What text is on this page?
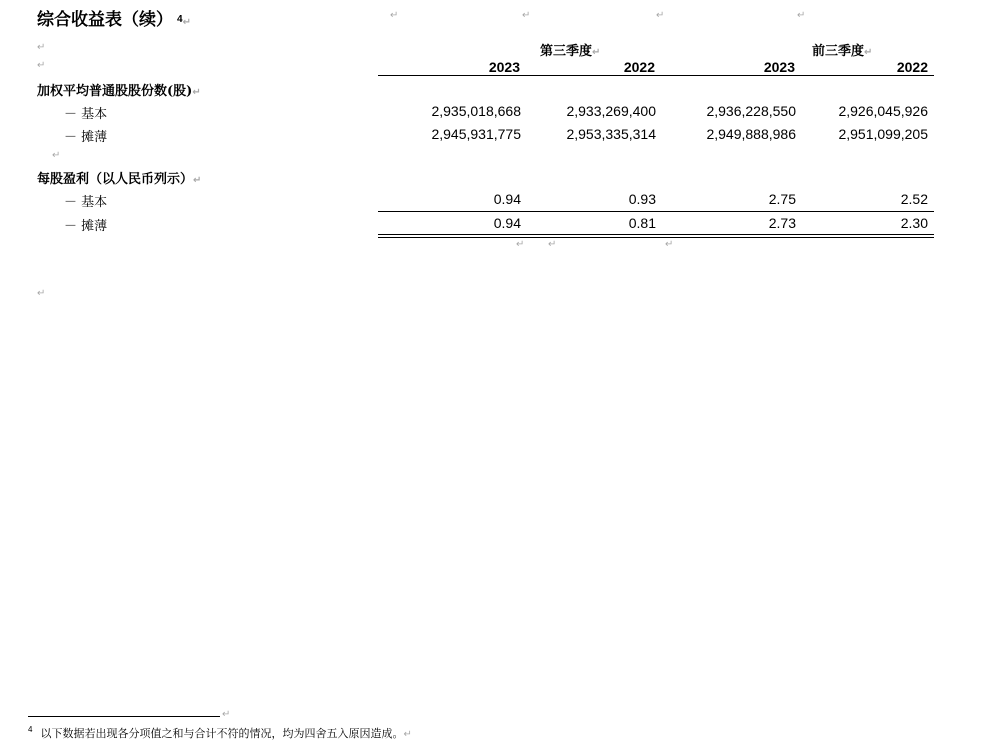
综合收益表（续） $^4$↵
↵
↵
↵	↵	↵	↵
第三季度↵	前三季度↵
2023	2022	2023	2022
加权平均普通股股份数(股)↵
－ 基本	2,935,018,668	2,933,269,400	2,936,228,550	2,926,045,926
－ 摊薄	2,945,931,775	2,953,335,314	2,949,888,986	2,951,099,205
↵
每股盈利（以人民币列示）↵
－ 基本	0.94	0.93	2.75	2.52
－ 摊薄	0.94	0.81	2.73	2.30
↵ ↵	↵
↵
↵
$^4$ 以下数据若出现各分项值之和与合计不符的情况，均为四舍五入原因造成。↵
